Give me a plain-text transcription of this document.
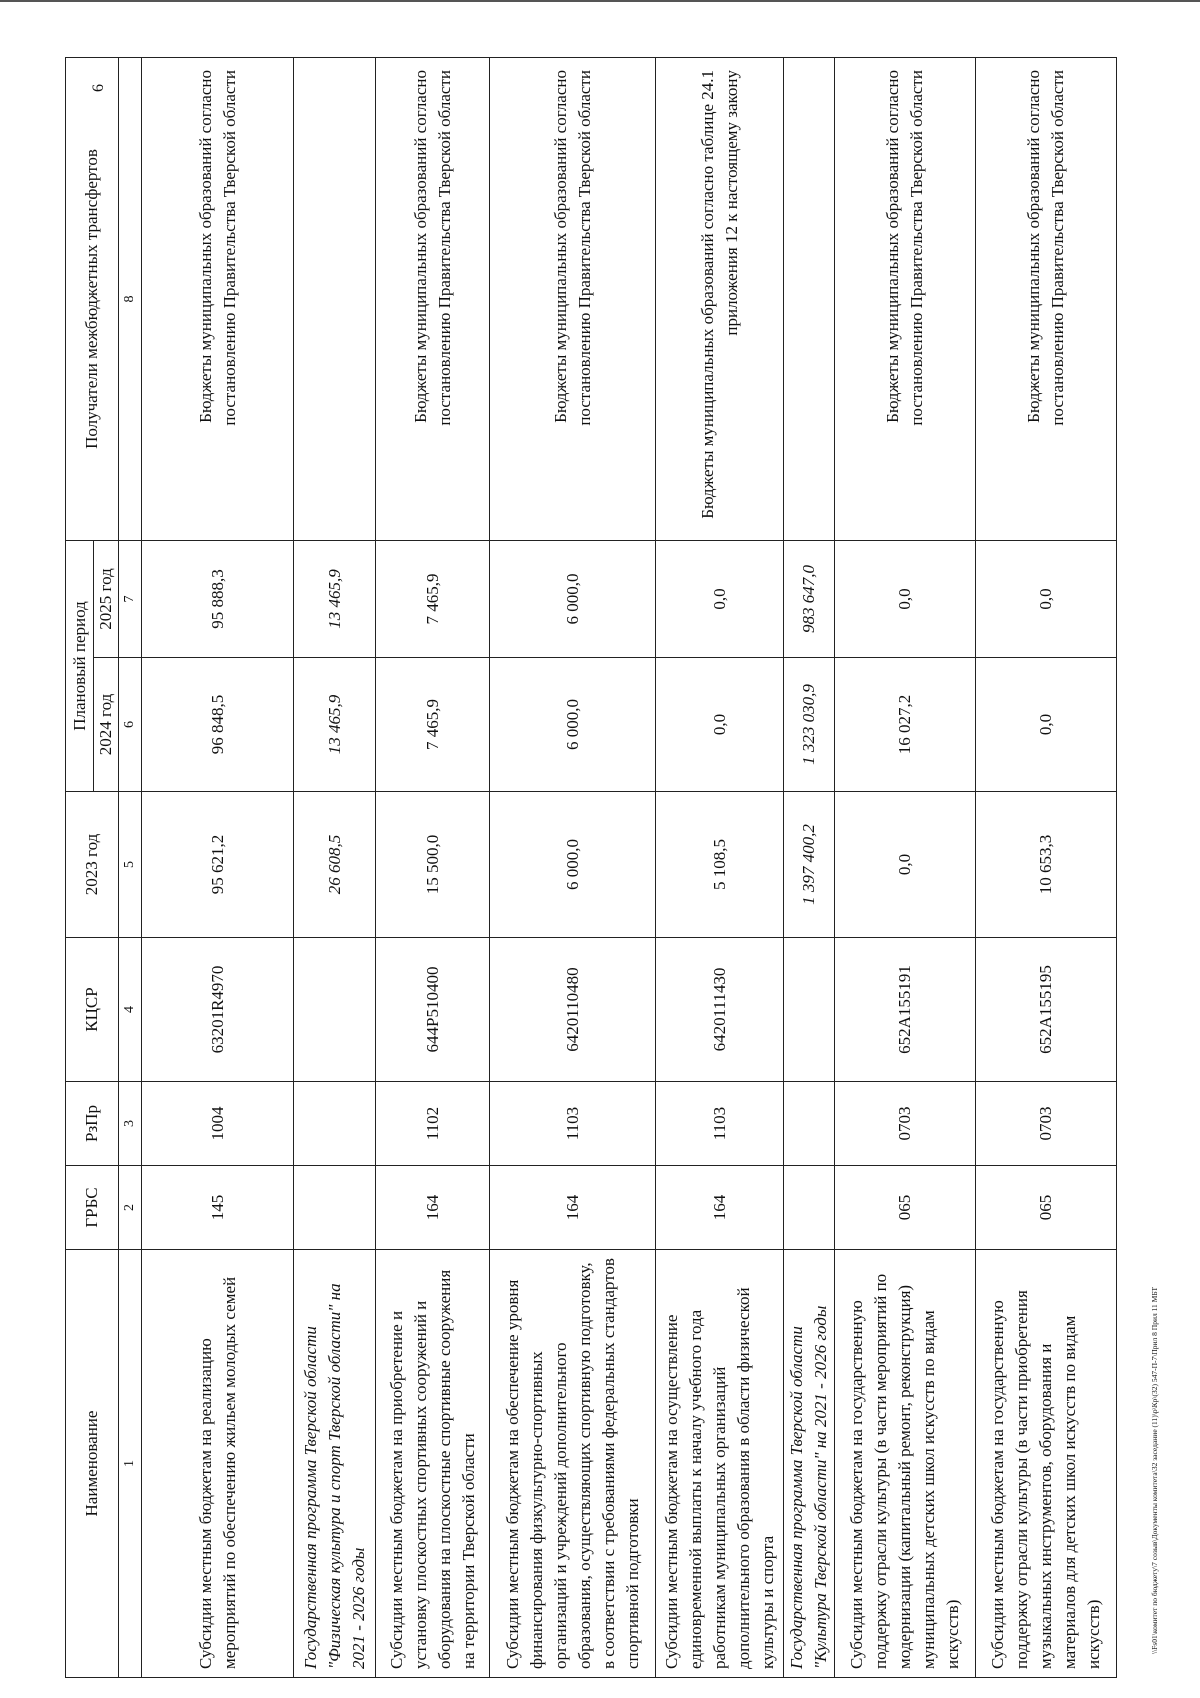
6
Наименование	ГРБС	РзПр	КЦСР	2023 год	Плановый период		Получатели межбюджетных трансфертов
					2024 год	2025 год	
1	2	3	4	5	6	7	8
Субсидии местным бюджетам на реализацию мероприятий по обеспечению жильем молодых семей	145	1004	63201R4970	95 621,2	96 848,5	95 888,3	Бюджеты муниципальных образований согласно постановлению Правительства Тверской области
Государственная программа Тверской области "Физическая культура и спорт Тверской области" на 2021 - 2026 годы				26 608,5	13 465,9	13 465,9	
Субсидии местным бюджетам на приобретение и установку плоскостных спортивных сооружений и оборудования на плоскостные спортивные сооружения на территории Тверской области	164	1102	644P510400	15 500,0	7 465,9	7 465,9	Бюджеты муниципальных образований согласно постановлению Правительства Тверской области
Субсидии местным бюджетам на обеспечение уровня финансирования физкультурно-спортивных организаций и учреждений дополнительного образования, осуществляющих спортивную подготовку, в соответствии с требованиями федеральных стандартов спортивной подготовки	164	1103	6420110480	6 000,0	6 000,0	6 000,0	Бюджеты муниципальных образований согласно постановлению Правительства Тверской области
Субсидии местным бюджетам на осуществление единовременной выплаты к началу учебного года работникам муниципальных организаций дополнительного образования в области физической культуры и спорта	164	1103	6420111430	5 108,5	0,0	0,0	Бюджеты муниципальных образований согласно таблице 24.1 приложения 12 к настоящему закону
Государственная программа Тверской области "Культура Тверской области" на 2021 - 2026 годы				1 397 400,2	1 323 030,9	983 647,0	
Субсидии местным бюджетам на государственную поддержку отрасли культуры (в части мероприятий по модернизации (капитальный ремонт, реконструкция) муниципальных детских школ искусств по видам искусств)	065	0703	652A155191	0,0	16 027,2	0,0	Бюджеты муниципальных образований согласно постановлению Правительства Тверской области
Субсидии местным бюджетам на государственную поддержку отрасли культуры (в части приобретения музыкальных инструментов, оборудования и материалов для детских школ искусств по видам искусств)	065	0703	652A155195	10 653,3	0,0	0,0	Бюджеты муниципальных образований согласно постановлению Правительства Тверской области
\\Fs01\комитет по бюджету\7 созыв\Документы комитета\32 заседание (11)\р\Кр\(32) 547-П-7\Прил 8 Прил 11 МБТ
